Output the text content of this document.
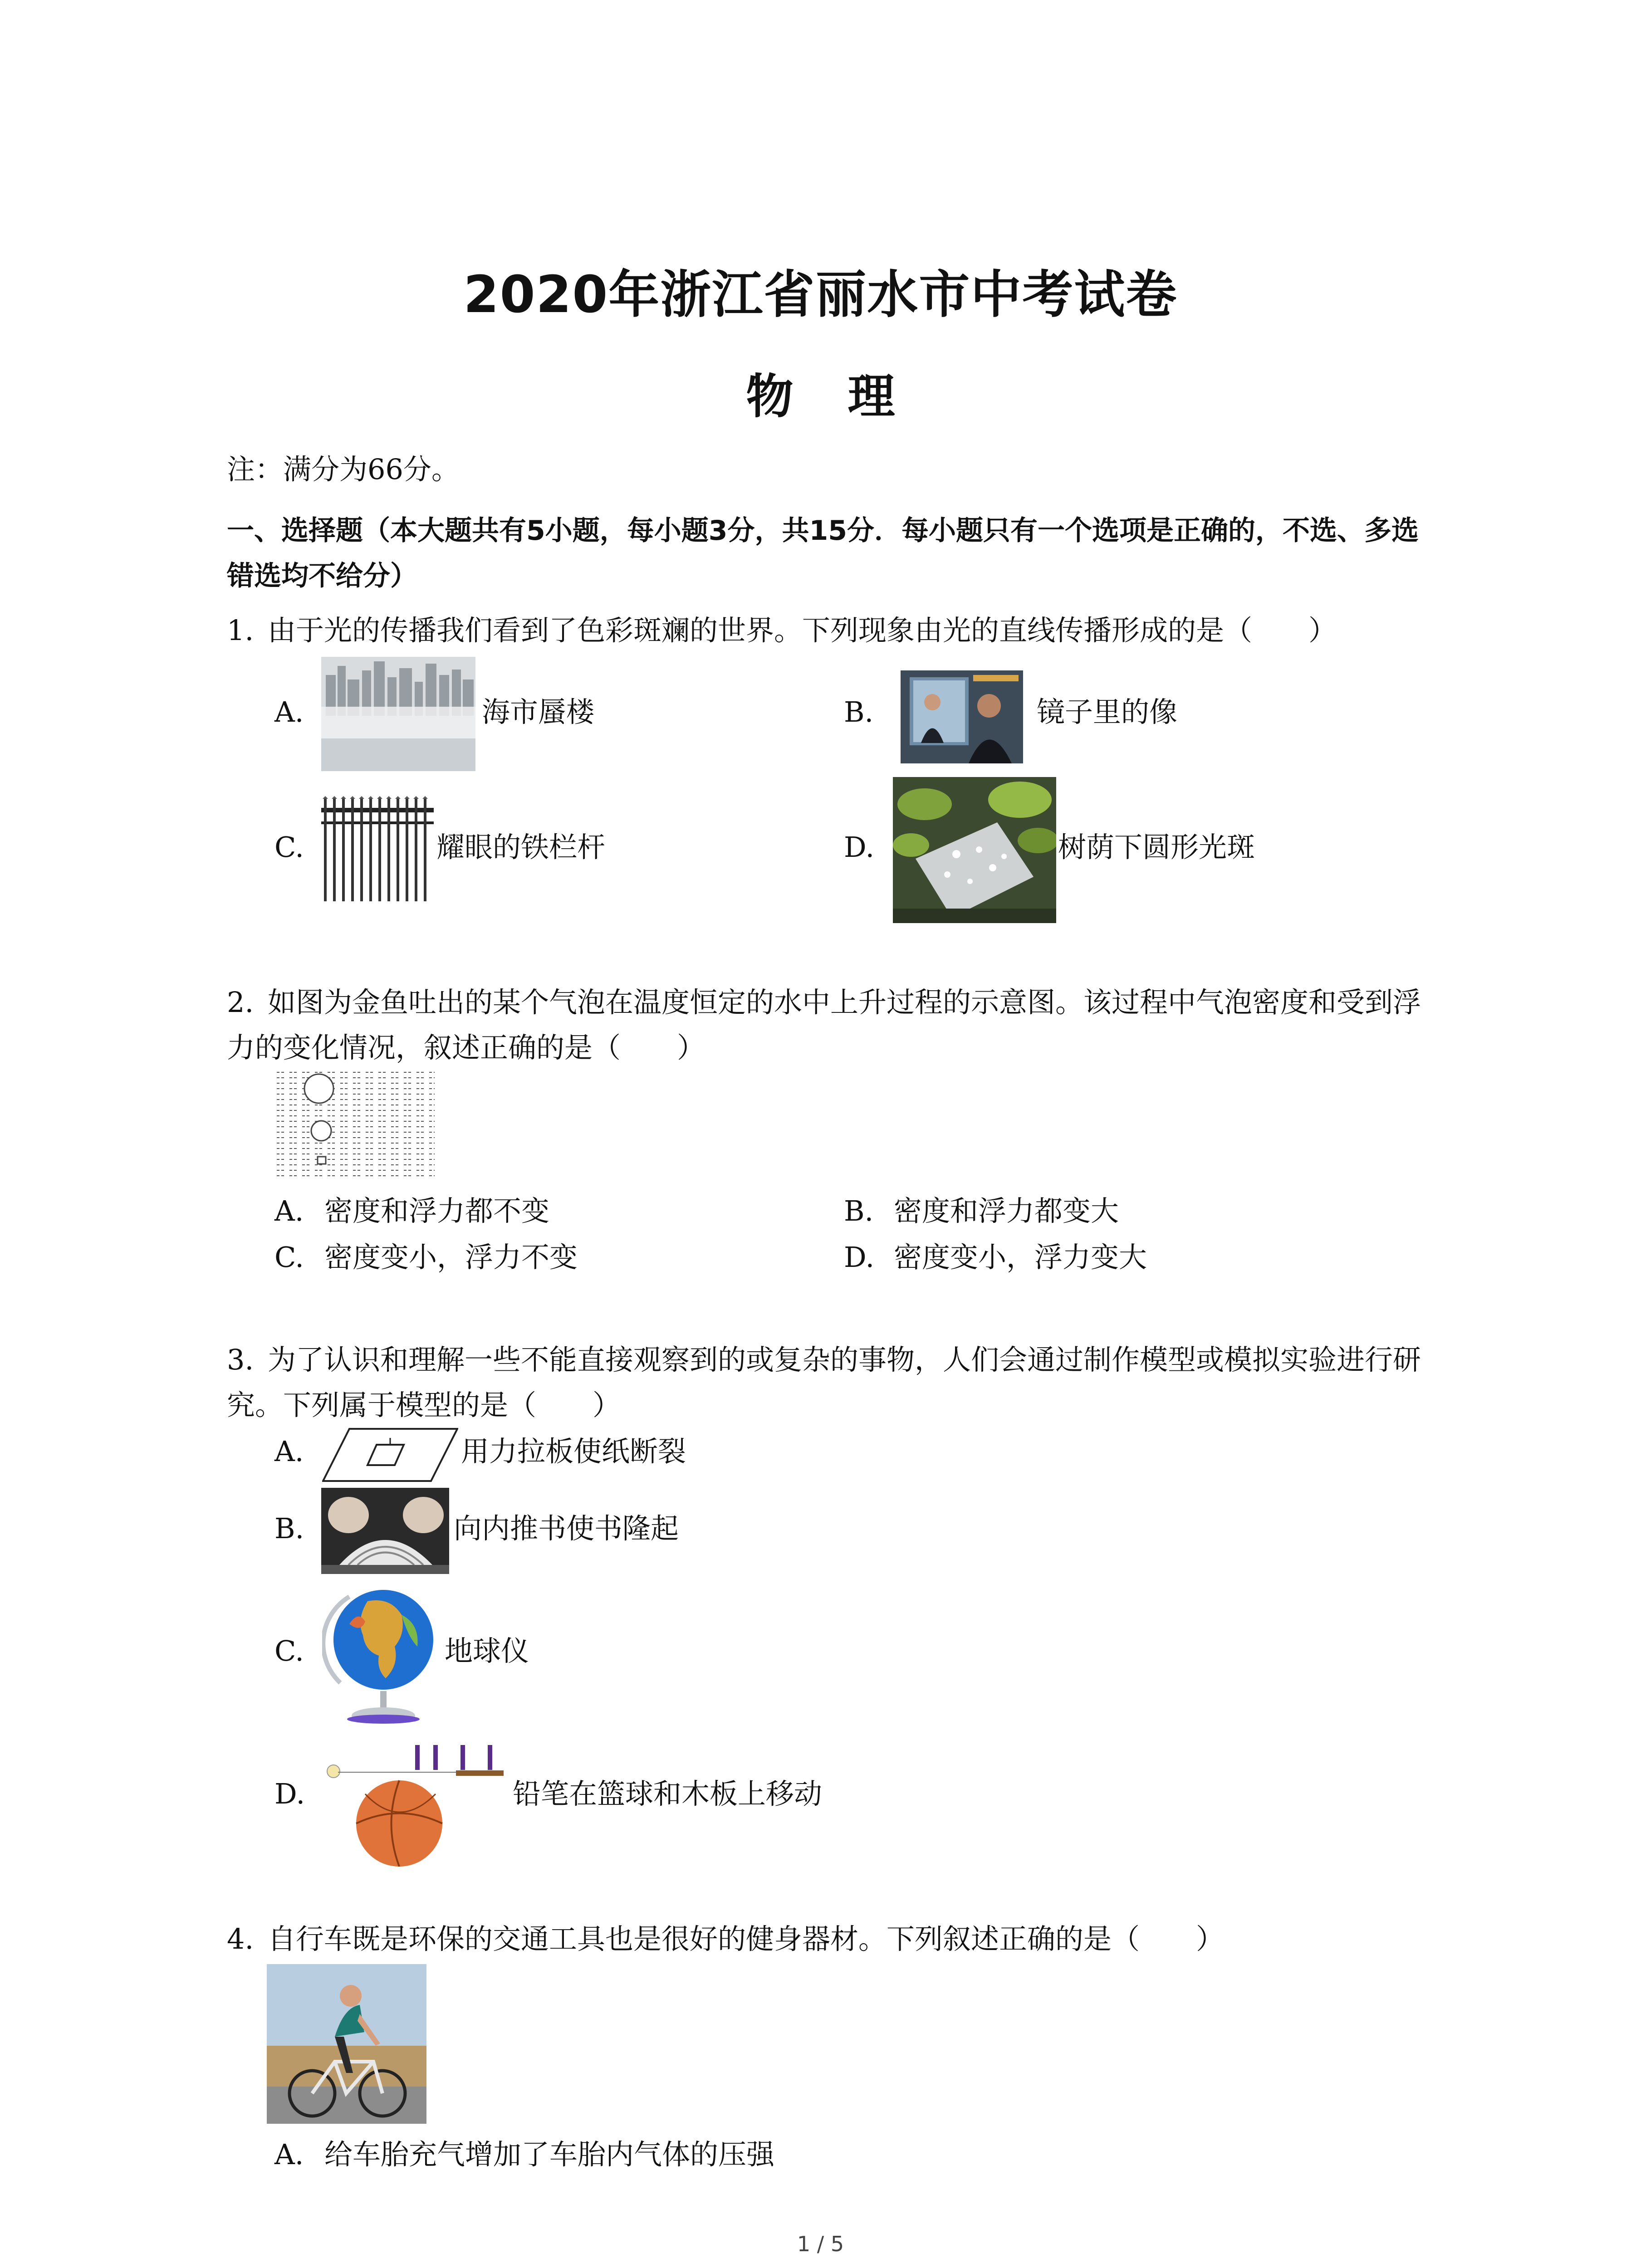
2020年浙江省丽水市中考试卷
物 理
注：满分为66分。
一、选择题（本大题共有5小题，每小题3分，共15分．每小题只有一个选项是正确的，不选、多选错选均不给分）
1. 由于光的传播我们看到了色彩斑斓的世界。下列现象由光的直线传播形成的是（　　）
A.	海市蜃楼	B.	镜子里的像
C.	耀眼的铁栏杆	D.	树荫下圆形光斑
2. 如图为金鱼吐出的某个气泡在温度恒定的水中上升过程的示意图。该过程中气泡密度和受到浮力的变化情况，叙述正确的是（　　）
A. 密度和浮力都不变	B. 密度和浮力都变大
C. 密度变小，浮力不变	D. 密度变小，浮力变大
3. 为了认识和理解一些不能直接观察到的或复杂的事物，人们会通过制作模型或模拟实验进行研究。下列属于模型的是（　　）
A.	用力拉板使纸断裂
B.	向内推书使书隆起
C.	地球仪
D.	铅笔在篮球和木板上移动
4. 自行车既是环保的交通工具也是很好的健身器材。下列叙述正确的是（　　）
A. 给车胎充气增加了车胎内气体的压强
1 / 5
